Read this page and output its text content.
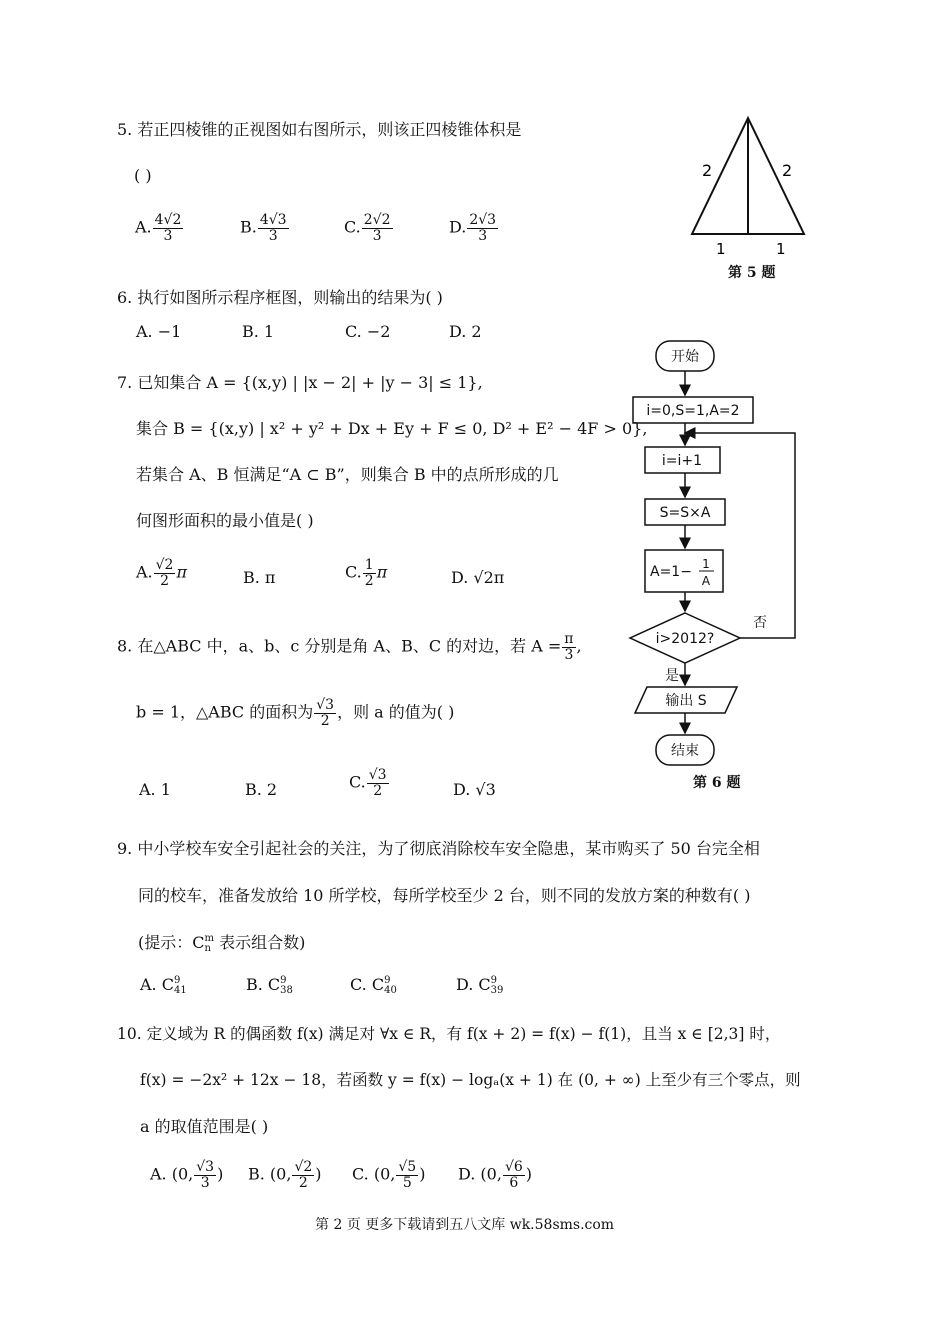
5. 若正四棱锥的正视图如右图所示，则该正四棱锥体积是
( )
A. $\frac{4√2}{3}$	B. $\frac{4√3}{3}$	C. $\frac{2√2}{3}$	D. $\frac{2√3}{3}$
2	2
1	1
第 5 题
6. 执行如图所示程序框图，则输出的结果为( )
A. −1	B. 1	C. −2	D. 2
开始
i=0,S=1,A=2
i=i+1
S=S×A
A=1− 1
A
i>2012?
否
是
输出 S
结束
第 6 题
7. 已知集合 A = {(x,y) | |x − 2| + |y − 3| ≤ 1},
集合 B = {(x,y) | x² + y² + Dx + Ey + F ≤ 0, D² + E² − 4F > 0},
若集合 A、B 恒满足“A ⊂ B”，则集合 B 中的点所形成的几
何图形面积的最小值是( )
A. $\frac{√2}{2}$ π	B. π	C. $\frac{1}{2}$ π	D. √2π
8. 在△ABC 中，a、b、c 分别是角 A、B、C 的对边，若 $A = \frac{\pi}{3}$ ,
b = 1，△ABC 的面积为 $\frac{√3}{2}$ ，则 a 的值为( )
A. 1	B. 2	C. $\frac{√3}{2}$	D. √3
9. 中小学校车安全引起社会的关注，为了彻底消除校车安全隐患，某市购买了 50 台完全相
同的校车，准备发放给 10 所学校，每所学校至少 2 台，则不同的发放方案的种数有( )
(提示：C m
n 表示组合数)
A. C 9
41	B. C 9
38	C. C 9
40	D. C 9
39
10. 定义域为 R 的偶函数 f(x) 满足对 ∀x ∈ R，有 f(x + 2) = f(x) − f(1)，且当 x ∈ [2,3] 时，
f(x) = −2x² + 12x − 18，若函数 y = f(x) − logₐ(x + 1) 在 (0, + ∞) 上至少有三个零点，则
a 的取值范围是( )
A. (0, $\frac{√3}{3}$ ) B. (0, $\frac{√2}{2}$ ) C. (0, $\frac{√5}{5}$ ) D. (0, $\frac{√6}{6}$ )
第 2 页 更多下载请到五八文库 wk.58sms.com
